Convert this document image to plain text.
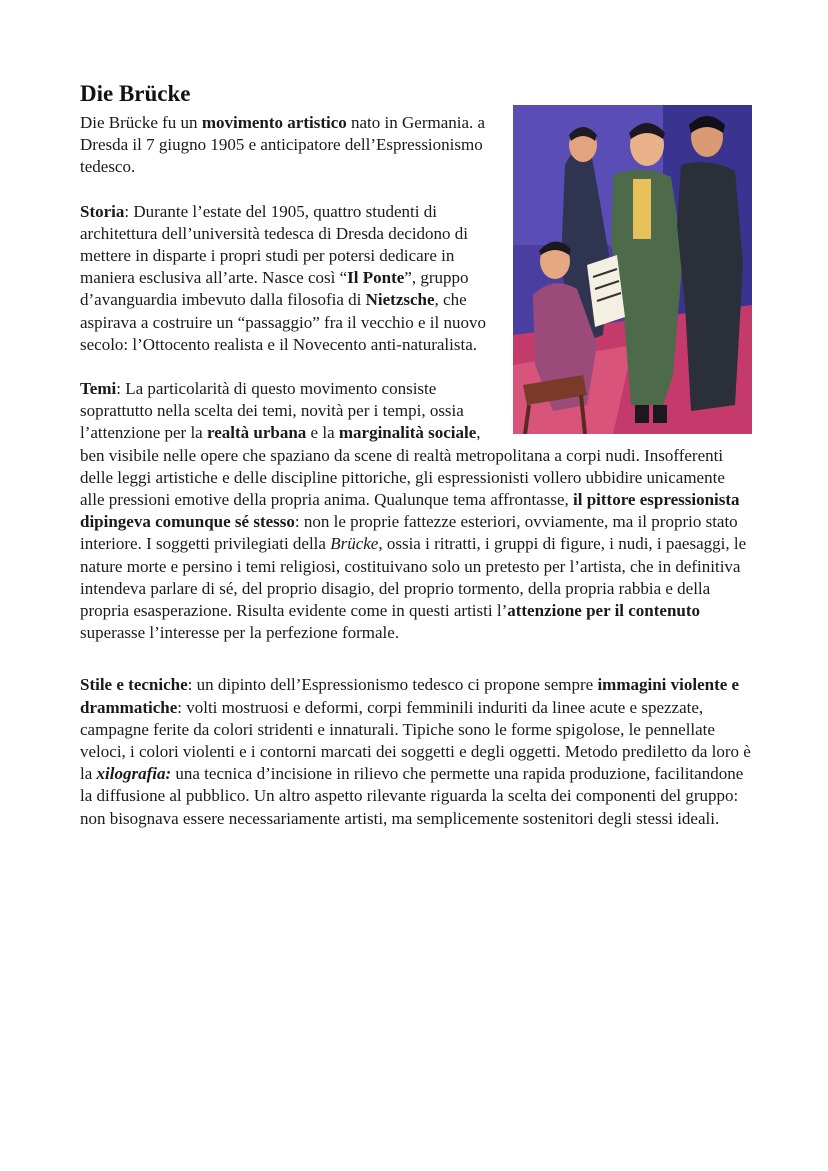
Die Brücke

Die Brücke fu un movimento artistico nato in Germania. a Dresda il 7 giugno 1905 e anticipatore dell’Espressionismo tedesco.

Storia: Durante l’estate del 1905, quattro studenti di architettura dell’università tedesca di Dresda decidono di mettere in disparte i propri studi per potersi dedicare in maniera esclusiva all’arte. Nasce così “Il Ponte”, gruppo d’avanguardia imbevuto dalla filosofia di Nietzsche, che aspirava a costruire un “passaggio” fra il vecchio e il nuovo secolo: l’Ottocento realista e il Novecento anti-naturalista.

Temi: La particolarità di questo movimento consiste soprattutto nella scelta dei temi, novità per i tempi, ossia l’attenzione per la realtà urbana e la marginalità sociale, ben visibile nelle opere che spaziano da scene di realtà metropolitana a corpi nudi. Insofferenti delle leggi artistiche e delle discipline pittoriche, gli espressionisti vollero ubbidire unicamente alle pressioni emotive della propria anima. Qualunque tema affrontasse, il pittore espressionista dipingeva comunque sé stesso: non le proprie fattezze esteriori, ovviamente, ma il proprio stato interiore. I soggetti privilegiati della Brücke, ossia i ritratti, i gruppi di figure, i nudi, i paesaggi, le nature morte e persino i temi religiosi, costituivano solo un pretesto per l’artista, che in definitiva intendeva parlare di sé, del proprio disagio, del proprio tormento, della propria rabbia e della propria esasperazione. Risulta evidente come in questi artisti l’attenzione per il contenuto superasse l’interesse per la perfezione formale.

Stile e tecniche: un dipinto dell’Espressionismo tedesco ci propone sempre immagini violente e drammatiche: volti mostruosi e deformi, corpi femminili induriti da linee acute e spezzate, campagne ferite da colori stridenti e innaturali. Tipiche sono le forme spigolose, le pennellate veloci, i colori violenti e i contorni marcati dei soggetti e degli oggetti. Metodo prediletto da loro è la xilografia: una tecnica d’incisione in rilievo che permette una rapida produzione, facilitandone la diffusione al pubblico. Un altro aspetto rilevante riguarda la scelta dei componenti del gruppo: non bisognava essere necessariamente artisti, ma semplicemente sostenitori degli stessi ideali.
